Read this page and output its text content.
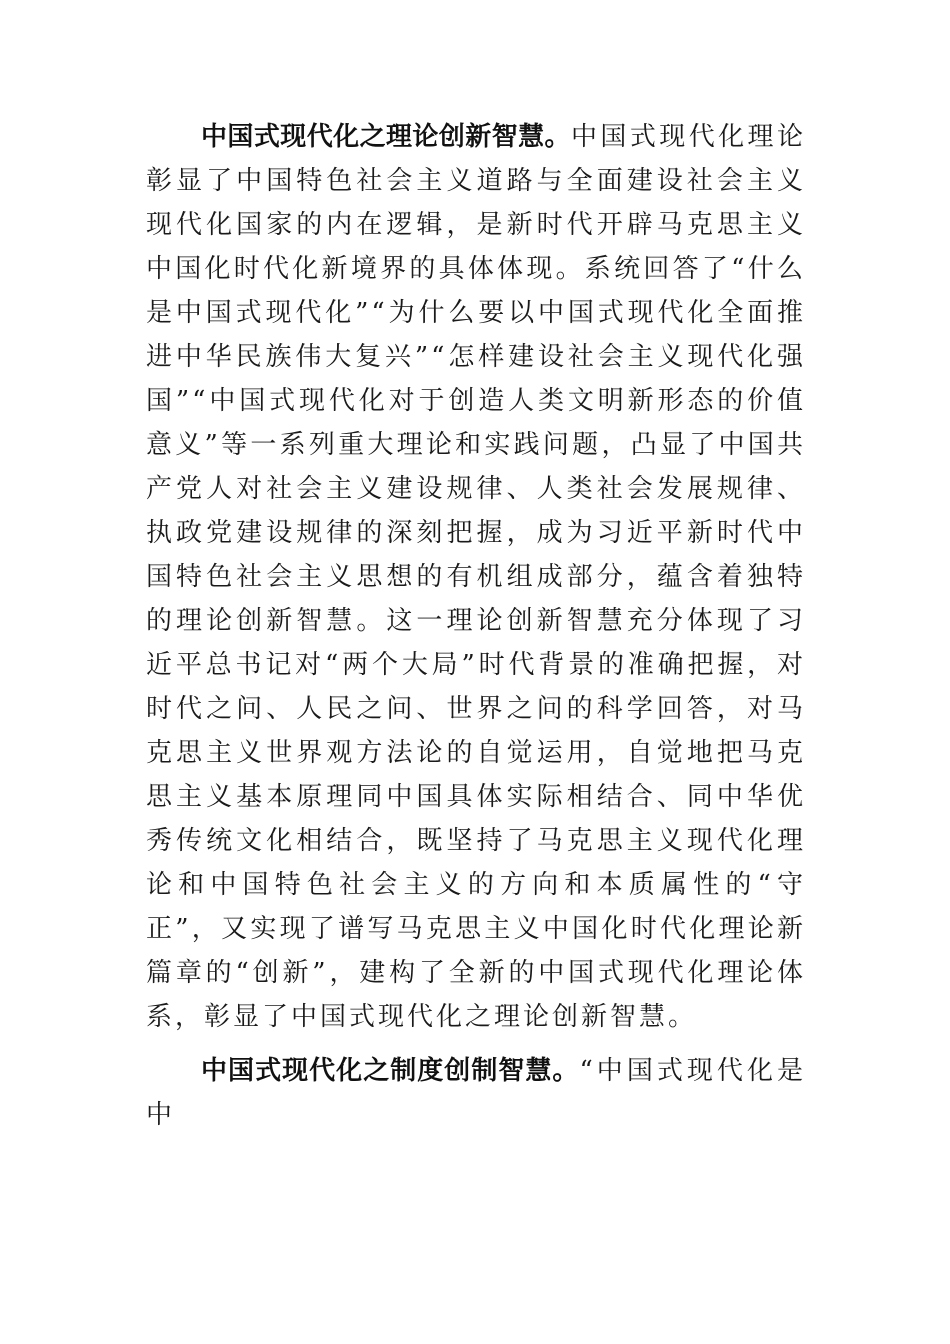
中国式现代化之理论创新智慧。中国式现代化理论彰显了中国特色社会主义道路与全面建设社会主义现代化国家的内在逻辑，是新时代开辟马克思主义中国化时代化新境界的具体体现。系统回答了“什么是中国式现代化”“为什么要以中国式现代化全面推进中华民族伟大复兴”“怎样建设社会主义现代化强国”“中国式现代化对于创造人类文明新形态的价值意义”等一系列重大理论和实践问题，凸显了中国共产党人对社会主义建设规律、人类社会发展规律、执政党建设规律的深刻把握，成为习近平新时代中国特色社会主义思想的有机组成部分，蕴含着独特的理论创新智慧。这一理论创新智慧充分体现了习近平总书记对“两个大局”时代背景的准确把握，对时代之问、人民之问、世界之问的科学回答，对马克思主义世界观方法论的自觉运用，自觉地把马克思主义基本原理同中国具体实际相结合、同中华优秀传统文化相结合，既坚持了马克思主义现代化理论和中国特色社会主义的方向和本质属性的“守正”，又实现了谱写马克思主义中国化时代化理论新篇章的“创新”，建构了全新的中国式现代化理论体系，彰显了中国式现代化之理论创新智慧。

中国式现代化之制度创制智慧。“中国式现代化是中
